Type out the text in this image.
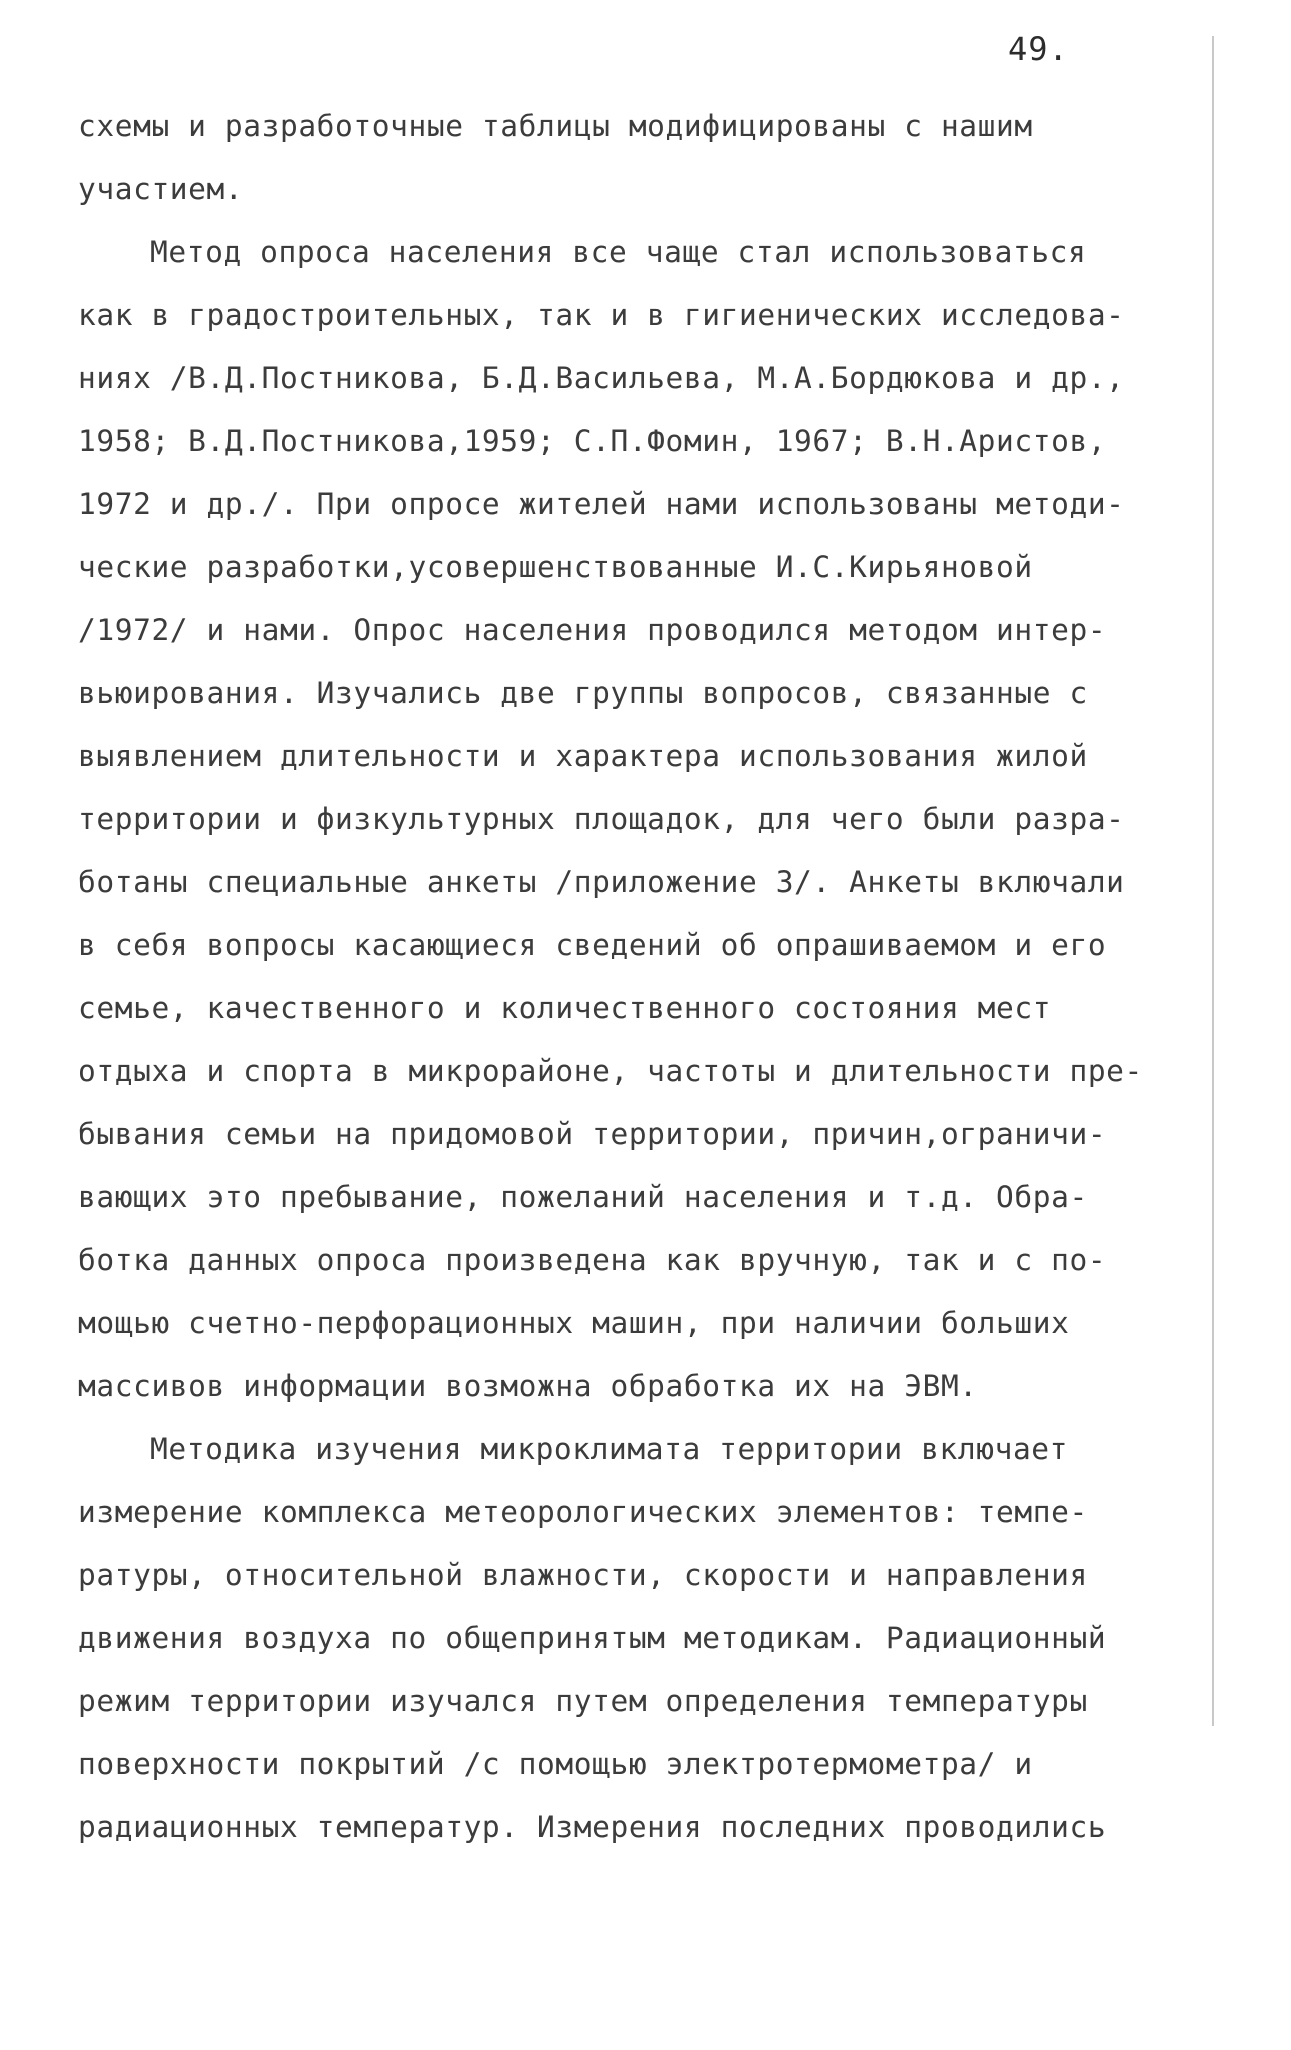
49.
схемы и разработочные таблицы модифицированы с нашим
участием.
Метод опроса населения все чаще стал использоваться
как в градостроительных, так и в гигиенических исследова-
ниях /В.Д.Постникова, Б.Д.Васильева, М.А.Бордюкова и др.,
1958; В.Д.Постникова,1959; С.П.Фомин, 1967; В.Н.Аристов,
1972 и др./. При опросе жителей нами использованы методи-
ческие разработки,усовершенствованные И.С.Кирьяновой
/1972/ и нами. Опрос населения проводился методом интер-
вьюирования. Изучались две группы вопросов, связанные с
выявлением длительности и характера использования жилой
территории и физкультурных площадок, для чего были разра-
ботаны специальные анкеты /приложение 3/. Анкеты включали
в себя вопросы касающиеся сведений об опрашиваемом и его
семье, качественного и количественного состояния мест
отдыха и спорта в микрорайоне, частоты и длительности пре-
бывания семьи на придомовой территории, причин,ограничи-
вающих это пребывание, пожеланий населения и т.д. Обра-
ботка данных опроса произведена как вручную, так и с по-
мощью счетно-перфорационных машин, при наличии больших
массивов информации возможна обработка их на ЭВМ.
Методика изучения микроклимата территории включает
измерение комплекса метеорологических элементов: темпе-
ратуры, относительной влажности, скорости и направления
движения воздуха по общепринятым методикам. Радиационный
режим территории изучался путем определения температуры
поверхности покрытий /с помощью электротермометра/ и
радиационных температур. Измерения последних проводились
